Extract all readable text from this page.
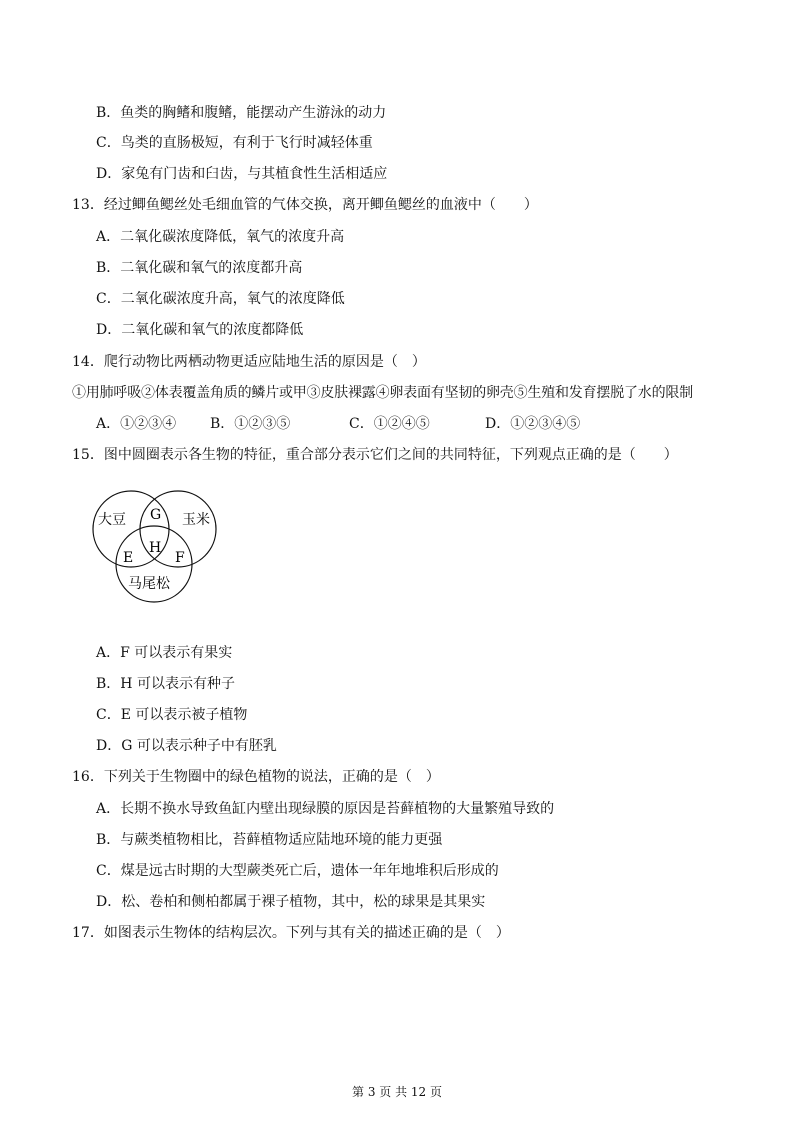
B．鱼类的胸鳍和腹鳍，能摆动产生游泳的动力
C．鸟类的直肠极短，有利于飞行时减轻体重
D．家兔有门齿和臼齿，与其植食性生活相适应
13．经过鲫鱼鳃丝处毛细血管的气体交换，离开鲫鱼鳃丝的血液中（　　）
A．二氧化碳浓度降低，氧气的浓度升高
B．二氧化碳和氧气的浓度都升高
C．二氧化碳浓度升高，氧气的浓度降低
D．二氧化碳和氧气的浓度都降低
14．爬行动物比两栖动物更适应陆地生活的原因是（　）
①用肺呼吸②体表覆盖角质的鳞片或甲③皮肤裸露④卵表面有坚韧的卵壳⑤生殖和发育摆脱了水的限制
A．①②③④ B．①②③⑤	C．①②④⑤	D．①②③④⑤
15．图中圆圈表示各生物的特征，重合部分表示它们之间的共同特征，下列观点正确的是（　　）
大豆	玉米
马尾松
G
E
H
F
A．F 可以表示有果实
B．H 可以表示有种子
C．E 可以表示被子植物
D．G 可以表示种子中有胚乳
16．下列关于生物圈中的绿色植物的说法，正确的是（　）
A．长期不换水导致鱼缸内壁出现绿膜的原因是苔藓植物的大量繁殖导致的
B．与蕨类植物相比，苔藓植物适应陆地环境的能力更强
C．煤是远古时期的大型蕨类死亡后，遗体一年年地堆积后形成的
D．松、卷柏和侧柏都属于裸子植物，其中，松的球果是其果实
17．如图表示生物体的结构层次。下列与其有关的描述正确的是（　）
第 3 页 共 12 页
